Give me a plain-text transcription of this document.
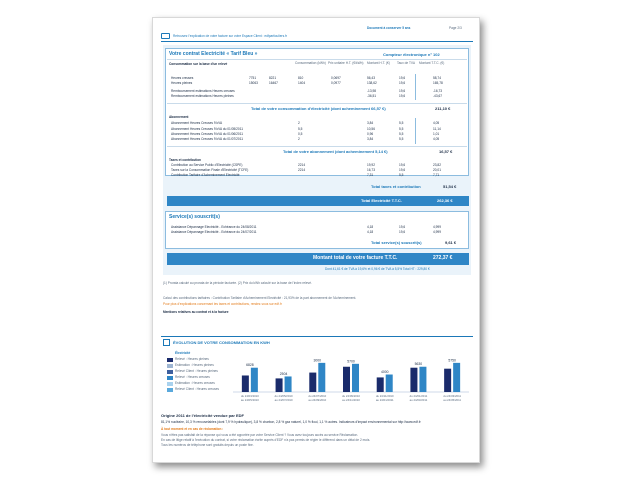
Document à conserver 5 ans	Page 2/3
Retrouvez l'explication de votre facture sur votre Espace Client : edfparticuliers.fr
Votre contrat Electricité « Tarif Bleu »	Compteur électronique n° 102
Consommation sur la base d'un relevé	Consommation (kWh) Prix unitaire H.T. (€/kWh) Montant H.T. (€) Taux de TVA Montant T.T.C. (€)
Heures creuses	7751	8221	810	0,0697	56,43	19,6	58,74
Heures pleines	15063	16467	1404	0,0977	138,62	19,6	165,78
Remboursement estimations Heures creuses	-13,98	19,6	-16,73
Remboursement estimations Heures pleines	-36,51	19,6	-43,67
Total de votre consommation d'électricité (dont acheminement 66,57 €)	211,10 €
Abonnement
Abonnement Heures Creuses 9 kVA	2	3,84	5,5	4,05
Abonnement Heures Creuses 9 kVA du 01/05/2011	5,5	10,56	5,5	11,14
Abonnement Heures Creuses 9 kVA du 01/06/2011	0,5	0,96	5,5	1,01
Abonnement Heures Creuses 9 kVA du 01/07/2011	2	3,84	5,5	4,05
Total de votre abonnement (dont acheminement 5,14 €)	16,57 €
Taxes et contribution
Contribution au Service Public d'Electricité (CSPE)	2214	19,92	19,6	23,82
Taxes sur la Consommation Finale d'Electricité (TCFE)	2214	16,73	19,6	20,01
Contribution Tarifaire d'Acheminement Electricité	7,31	5,5	7,71
Total taxes et contribution	51,54 €
Total Electricité T.T.C.	262,36 €
Service(s) souscrit(s)
Assistance Dépannage Electricité - Echéance du 24/08/2011	4,18	19,6	4,999
Assistance Dépannage Electricité - Echéance du 24/07/2011	4,18	19,6	4,999
Total service(s) souscrit(s)	9,61 €
Montant total de votre facture T.T.C.	272,37 €
Dont 41,61 € de TVA à 19,6% et 0,96 € de TVA à 5,5% Total HT : 229,80 €
(1) Prorata calculé au prorata de la période facturée. (2) Prix du kWh calculé sur la base de l'index relevé.
Calcul des contributions tarifaires : Contribution Tarifaire d'Acheminement Electricité : 21,93% de la part abonnement de l'Acheminement.
Pour plus d'explications concernant les taxes et contributions, rendez-vous sur edf.fr
Mentions relatives au contrat et à la facture
ÉVOLUTION DE VOTRE CONSOMMATION EN KWH
Électricité
Relevé : Heures pleines
Estimation : Heures pleines
Relevé Client : Heures pleines
Relevé : Heures creuses
Estimation : Heures creuses
Relevé Client : Heures creuses
6828
du 24/03/2010
au 24/05/2010
2504
du 24/05/2010
au 24/07/2010
3000
du 24/07/2010
au 24/09/2010
5700
du 24/09/2010
au 24/11/2010
4000
du 24/11/2010
au 24/01/2011
5630
du 24/01/2011
au 24/03/2011
5750
du 24/03/2011
au 24/05/2011
Origine 2011 de l'électricité vendue par EDF
81,1% nucléaire, 10,3 % renouvelables (dont 7,9 % hydraulique), 3,8 % charbon, 2,8 % gaz naturel, 1,0 % fioul, 1,1 % autres. Indicateurs d'impact environnemental sur http://www.edf.fr
À tout moment et en cas de réclamation :
Vous n'êtes pas satisfait de la réponse qui vous a été apportée par votre Service Client ? Vous avez toujours accès au service Réclamation.
En cas de litige relatif à l'exécution du contrat, si votre réclamation écrite auprès d'EDF n'a pas permis de régler le différend dans un délai de 2 mois.
Tous les numéros de téléphone sont gratuits depuis un poste fixe.
